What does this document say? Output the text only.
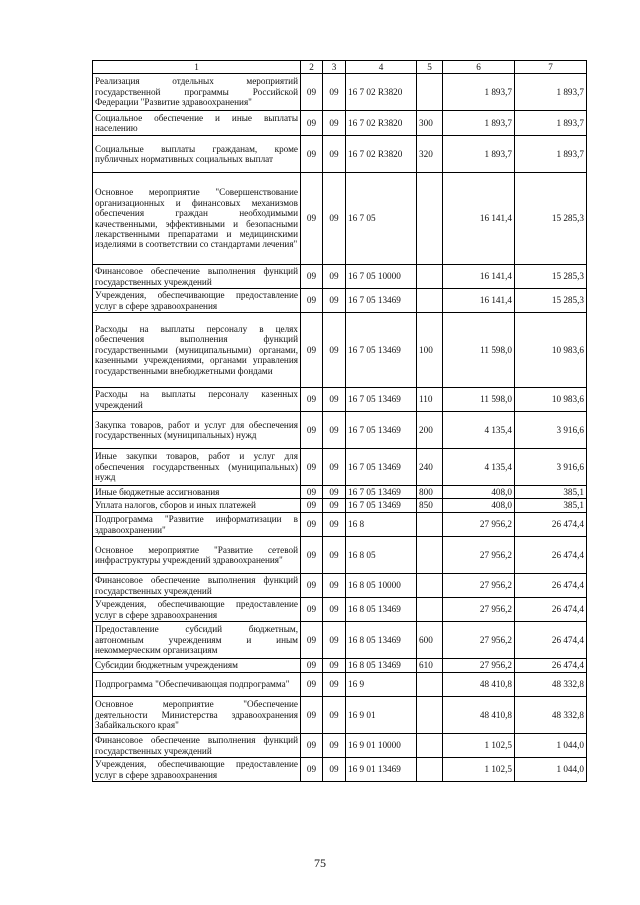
1	2	3	4	5	6	7
Реализация отдельных мероприятий государственной программы Российской Федерации "Развитие здравоохранения"	09	09	16 7 02 R3820		1 893,7	1 893,7
Социальное обеспечение и иные выплаты населению	09	09	16 7 02 R3820	300	1 893,7	1 893,7
Социальные выплаты гражданам, кроме публичных нормативных социальных выплат	09	09	16 7 02 R3820	320	1 893,7	1 893,7
Основное мероприятие "Совершенствование организационных и финансовых механизмов обеспечения граждан необходимыми качественными, эффективными и безопасными лекарственными препаратами и медицинскими изделиями в соответствии со стандартами лечения"	09	09	16 7 05		16 141,4	15 285,3
Финансовое обеспечение выполнения функций государственных учреждений	09	09	16 7 05 10000		16 141,4	15 285,3
Учреждения, обеспечивающие предоставление услуг в сфере здравоохранения	09	09	16 7 05 13469		16 141,4	15 285,3
Расходы на выплаты персоналу в целях обеспечения выполнения функций государственными (муниципальными) органами, казенными учреждениями, органами управления государственными внебюджетными фондами	09	09	16 7 05 13469	100	11 598,0	10 983,6
Расходы на выплаты персоналу казенных учреждений	09	09	16 7 05 13469	110	11 598,0	10 983,6
Закупка товаров, работ и услуг для обеспечения государственных (муниципальных) нужд	09	09	16 7 05 13469	200	4 135,4	3 916,6
Иные закупки товаров, работ и услуг для обеспечения государственных (муниципальных) нужд	09	09	16 7 05 13469	240	4 135,4	3 916,6
Иные бюджетные ассигнования	09	09	16 7 05 13469	800	408,0	385,1
Уплата налогов, сборов и иных платежей	09	09	16 7 05 13469	850	408,0	385,1
Подпрограмма "Развитие информатизации в здравоохранении"	09	09	16 8		27 956,2	26 474,4
Основное мероприятие "Развитие сетевой инфраструктуры учреждений здравоохранения"	09	09	16 8 05		27 956,2	26 474,4
Финансовое обеспечение выполнения функций государственных учреждений	09	09	16 8 05 10000		27 956,2	26 474,4
Учреждения, обеспечивающие предоставление услуг в сфере здравоохранения	09	09	16 8 05 13469		27 956,2	26 474,4
Предоставление субсидий бюджетным, автономным учреждениям и иным некоммерческим организациям	09	09	16 8 05 13469	600	27 956,2	26 474,4
Субсидии бюджетным учреждениям	09	09	16 8 05 13469	610	27 956,2	26 474,4
Подпрограмма "Обеспечивающая подпрограмма"	09	09	16 9		48 410,8	48 332,8
Основное мероприятие "Обеспечение деятельности Министерства здравоохранения Забайкальского края"	09	09	16 9 01		48 410,8	48 332,8
Финансовое обеспечение выполнения функций государственных учреждений	09	09	16 9 01 10000		1 102,5	1 044,0
Учреждения, обеспечивающие предоставление услуг в сфере здравоохранения	09	09	16 9 01 13469		1 102,5	1 044,0
75
